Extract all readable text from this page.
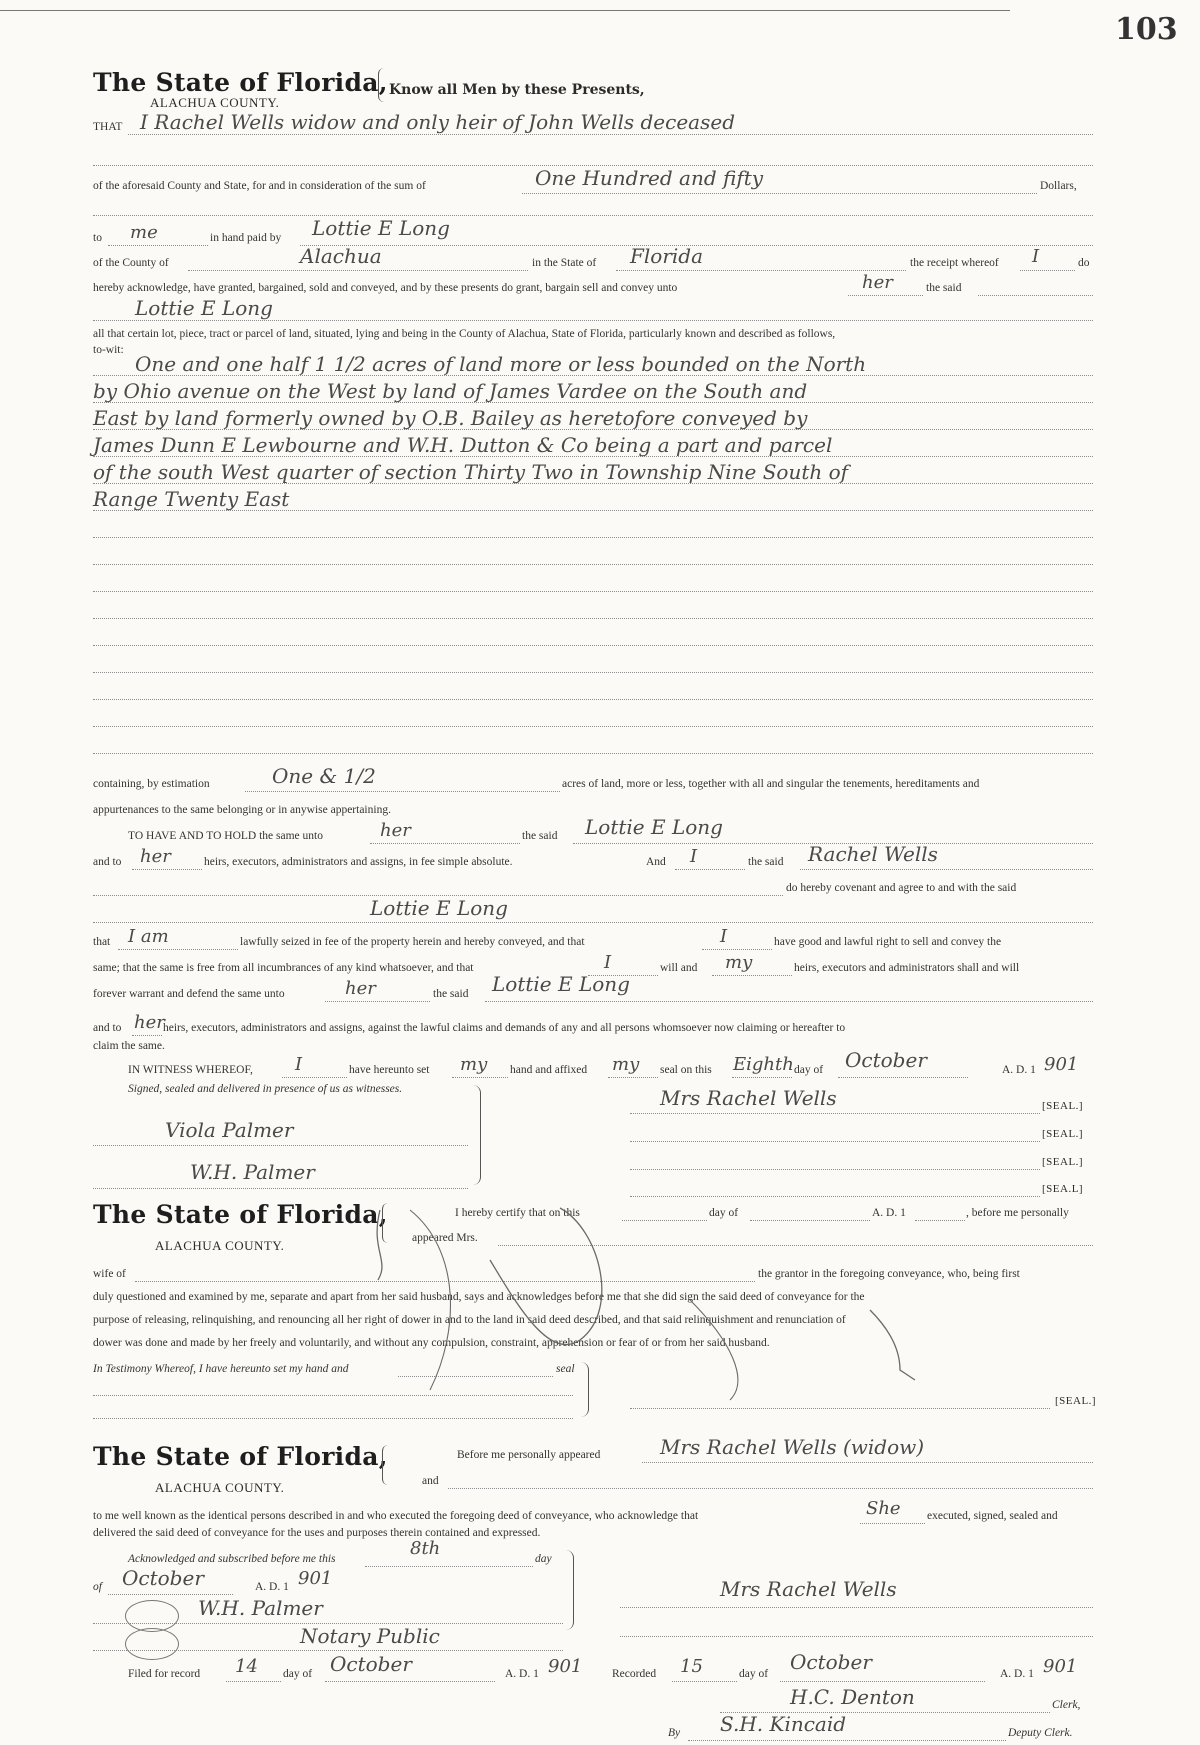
103
The State of Florida,
ALACHUA COUNTY.
Know all Men by these Presents,
THAT I Rachel Wells widow and only heir of John Wells deceased
of the aforesaid County and State, for and in consideration of the sum of	One Hundred and fifty	Dollars,
to me	in hand paid by Lottie E Long
of the County of	Alachua	in the State of Florida	the receipt whereof I	do
hereby acknowledge, have granted, bargained, sold and conveyed, and by these presents do grant, bargain sell and convey unto	her	the said
Lottie E Long
all that certain lot, piece, tract or parcel of land, situated, lying and being in the County of Alachua, State of Florida, particularly known and described as follows,
to-wit:
One and one half 1 1/2 acres of land more or less bounded on the North
by Ohio avenue on the West by land of James Vardee on the South and
East by land formerly owned by O.B. Bailey as heretofore conveyed by
James Dunn E Lewbourne and W.H. Dutton & Co being a part and parcel
of the south West quarter of section Thirty Two in Township Nine South of
Range Twenty East
containing, by estimation	One & 1/2	acres of land, more or less, together with all and singular the tenements, hereditaments and
appurtenances to the same belonging or in anywise appertaining.
TO HAVE AND TO HOLD the same unto	her	the said Lottie E Long
and to her	heirs, executors, administrators and assigns, in fee simple absolute.	And I	the said Rachel Wells
do hereby covenant and agree to and with the said
Lottie E Long
that I am	lawfully seized in fee of the property herein and hereby conveyed, and that	I	have good and lawful right to sell and convey the
same; that the same is free from all incumbrances of any kind whatsoever, and that	I	will and my	heirs, executors and administrators shall and will
forever warrant and defend the same unto	her	the said Lottie E Long
and to her
heirs, executors, administrators and assigns, against the lawful claims and demands of any and all persons whomsoever now claiming or hereafter to
claim the same.
IN WITNESS WHEREOF, I	have hereunto set my hand and affixed my seal on this Eighth day of October	A. D. 1 901
Signed, sealed and delivered in presence of us as witnesses.	Mrs Rachel Wells	[SEAL.]
[SEAL.]
[SEAL.]
[SEA.L]
Viola Palmer
W.H. Palmer
The State of Florida,
ALACHUA COUNTY.
I hereby certify that on this	day of	A. D. 1	, before me personally
appeared Mrs.
wife of	the grantor in the foregoing conveyance, who, being first
duly questioned and examined by me, separate and apart from her said husband, says and acknowledges before me that she did sign the said deed of conveyance for the
purpose of releasing, relinquishing, and renouncing all her right of dower in and to the land in said deed described, and that said relinquishment and renunciation of
dower was done and made by her freely and voluntarily, and without any compulsion, constraint, apprehension or fear of or from her said husband.
In Testimony Whereof, I have hereunto set my hand and	seal
[SEAL.]
The State of Florida,
ALACHUA COUNTY.
Before me personally appeared	Mrs Rachel Wells (widow)
and
to me well known as the identical persons described in and who executed the foregoing deed of conveyance, who acknowledge that	She executed, signed, sealed and
delivered the said deed of conveyance for the uses and purposes therein contained and expressed.
Acknowledged and subscribed before me this	8th	day
of October	A. D. 1 901
W.H. Palmer
Notary Public
Mrs Rachel Wells
Filed for record 14 day of October	A. D. 1 901	Recorded 15	day of October	A. D. 1 901
H.C. Denton	Clerk,
By S.H. Kincaid	Deputy Clerk.
